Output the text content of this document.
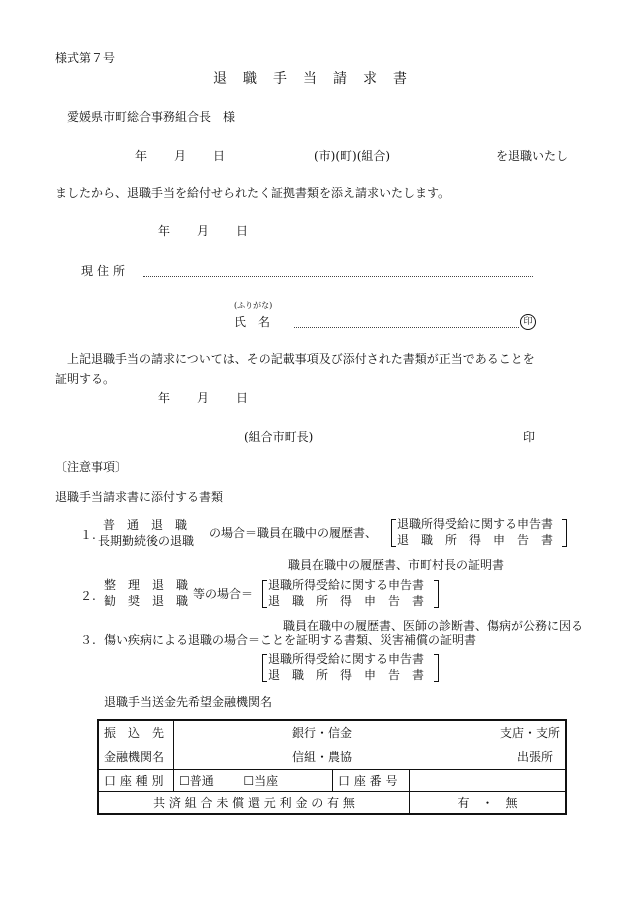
様式第７号
退職手当請求書
愛媛県市町総合事務組合長　様
年 月 日	(市)(町)(組合)	を退職いたし
ましたから、退職手当を給付せられたく証拠書類を添え請求いたします。
年 月 日
現住所
(ふりがな)
氏　名	印
上記退職手当の請求については、その記載事項及び添付された書類が正当であることを
証明する。
年 月 日
(組合市町長)	印
〔注意事項〕
退職手当請求書に添付する書類
１.
普　通　退　職
長期勤続後の退職
の場合＝職員在職中の履歴書、
退職所得受給に関する申告書
退　職　所　得　申　告　書
職員在職中の履歴書、市町村長の証明書
２.
整　理　退　職
勧　奨　退　職 等の場合＝
退職所得受給に関する申告書
退　職　所　得　申　告　書
職員在職中の履歴書、医師の診断書、傷病が公務に因る
３. 傷い疾病による退職の場合＝ことを証明する書類、災害補償の証明書
退職所得受給に関する申告書
退　職　所　得　申　告　書
退職手当送金先希望金融機関名
振　込　先	銀行・信金		支店・支所
金融機関名	信組・農協		出張所
口 座 種 別	☐普通 ☐当座	口 座 番 号	
共 済 組 合 未 償 還 元 利 金 の 有 無			有　・　無
